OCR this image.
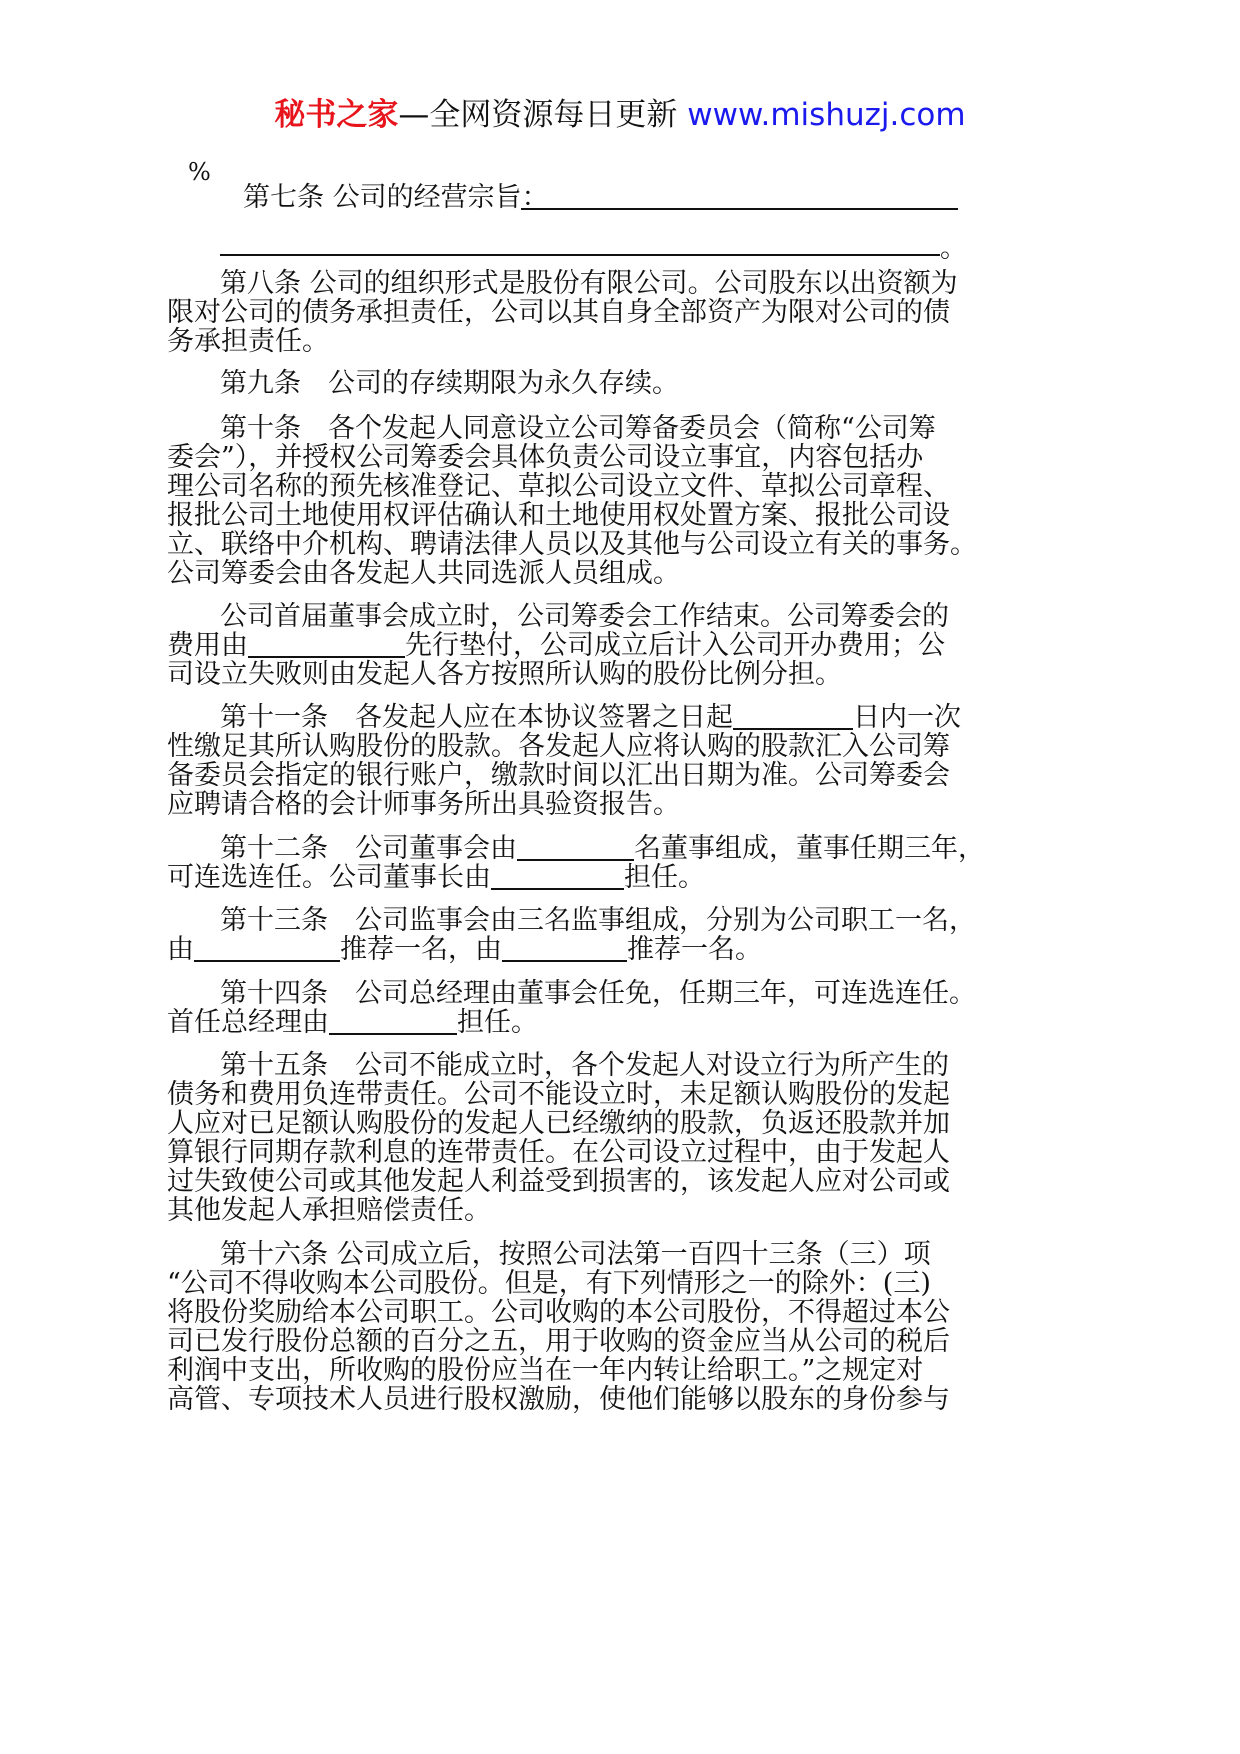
秘书之家—全网资源每日更新 www.mishuzj.com
%
第七条 公司的经营宗旨：
。
第八条 公司的组织形式是股份有限公司。公司股东以出资额为
限对公司的债务承担责任，公司以其自身全部资产为限对公司的债
务承担责任。
第九条　公司的存续期限为永久存续。
第十条　各个发起人同意设立公司筹备委员会（简称“公司筹
委会”），并授权公司筹委会具体负责公司设立事宜，内容包括办
理公司名称的预先核准登记、草拟公司设立文件、草拟公司章程、
报批公司土地使用权评估确认和土地使用权处置方案、报批公司设
立、联络中介机构、聘请法律人员以及其他与公司设立有关的事务。
公司筹委会由各发起人共同选派人员组成。
公司首届董事会成立时，公司筹委会工作结束。公司筹委会的
费用由	先行垫付，公司成立后计入公司开办费用；公
司设立失败则由发起人各方按照所认购的股份比例分担。
第十一条　各发起人应在本协议签署之日起	日内一次
性缴足其所认购股份的股款。各发起人应将认购的股款汇入公司筹
备委员会指定的银行账户，缴款时间以汇出日期为准。公司筹委会
应聘请合格的会计师事务所出具验资报告。
第十二条　公司董事会由	名董事组成，董事任期三年，
可连选连任。公司董事长由	担任。
第十三条　公司监事会由三名监事组成，分别为公司职工一名，
由	推荐一名，由	推荐一名。
第十四条　公司总经理由董事会任免，任期三年，可连选连任。
首任总经理由	担任。
第十五条　公司不能成立时，各个发起人对设立行为所产生的
债务和费用负连带责任。公司不能设立时，未足额认购股份的发起
人应对已足额认购股份的发起人已经缴纳的股款，负返还股款并加
算银行同期存款利息的连带责任。在公司设立过程中，由于发起人
过失致使公司或其他发起人利益受到损害的，该发起人应对公司或
其他发起人承担赔偿责任。
第十六条 公司成立后，按照公司法第一百四十三条（三）项
“公司不得收购本公司股份。但是，有下列情形之一的除外：(三)
将股份奖励给本公司职工。公司收购的本公司股份，不得超过本公
司已发行股份总额的百分之五，用于收购的资金应当从公司的税后
利润中支出，所收购的股份应当在一年内转让给职工。”之规定对
高管、专项技术人员进行股权激励，使他们能够以股东的身份参与
